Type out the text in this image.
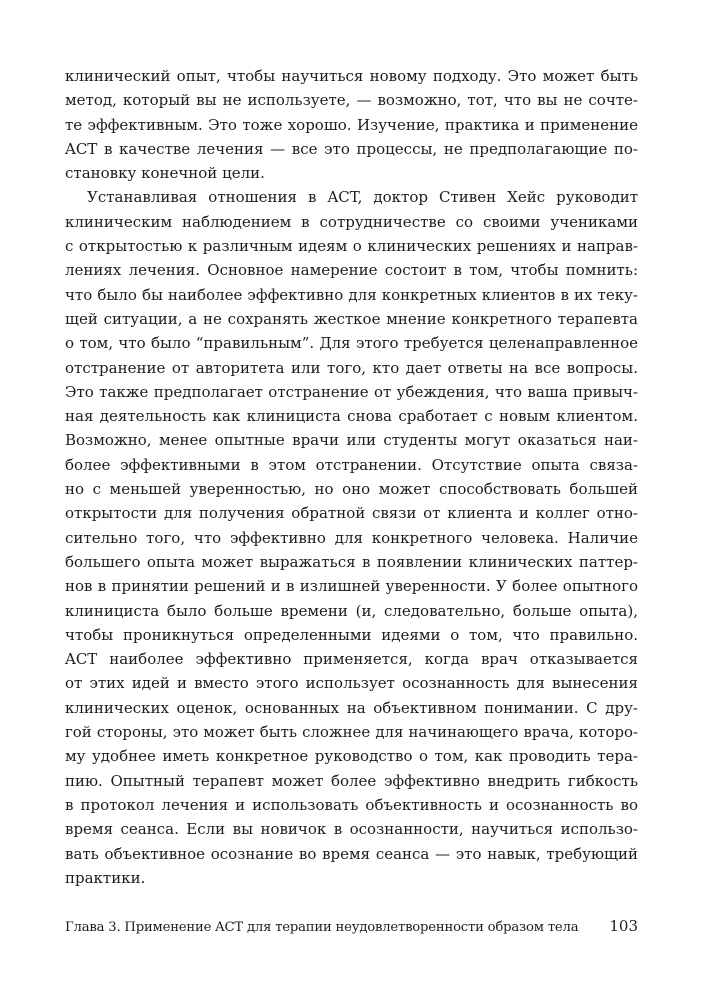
клинический опыт, чтобы научиться новому подходу. Это может быть
метод, который вы не используете, — возможно, тот, что вы не сочте-
те эффективным. Это тоже хорошо. Изучение, практика и применение
ACT в качестве лечения — все это процессы, не предполагающие по-
становку конечной цели.
Устанавливая отношения в ACT, доктор Стивен Хейс руководит
клиническим наблюдением в сотрудничестве со своими учениками
с открытостью к различным идеям о клинических решениях и направ-
лениях лечения. Основное намерение состоит в том, чтобы помнить:
что было бы наиболее эффективно для конкретных клиентов в их теку-
щей ситуации, а не сохранять жесткое мнение конкретного терапевта
о том, что было “правильным”. Для этого требуется целенаправленное
отстранение от авторитета или того, кто дает ответы на все вопросы.
Это также предполагает отстранение от убеждения, что ваша привыч-
ная деятельность как клинициста снова сработает с новым клиентом.
Возможно, менее опытные врачи или студенты могут оказаться наи-
более эффективными в этом отстранении. Отсутствие опыта связа-
но с меньшей уверенностью, но оно может способствовать большей
открытости для получения обратной связи от клиента и коллег отно-
сительно того, что эффективно для конкретного человека. Наличие
большего опыта может выражаться в появлении клинических паттер-
нов в принятии решений и в излишней уверенности. У более опытного
клинициста было больше времени (и, следовательно, больше опыта),
чтобы проникнуться определенными идеями о том, что правильно.
ACT наиболее эффективно применяется, когда врач отказывается
от этих идей и вместо этого использует осознанность для вынесения
клинических оценок, основанных на объективном понимании. С дру-
гой стороны, это может быть сложнее для начинающего врача, которо-
му удобнее иметь конкретное руководство о том, как проводить тера-
пию. Опытный терапевт может более эффективно внедрить гибкость
в протокол лечения и использовать объективность и осознанность во
время сеанса. Если вы новичок в осознанности, научиться использо-
вать объективное осознание во время сеанса — это навык, требующий
практики.
Глава 3. Применение ACT для терапии неудовлетворенности образом тела 103
